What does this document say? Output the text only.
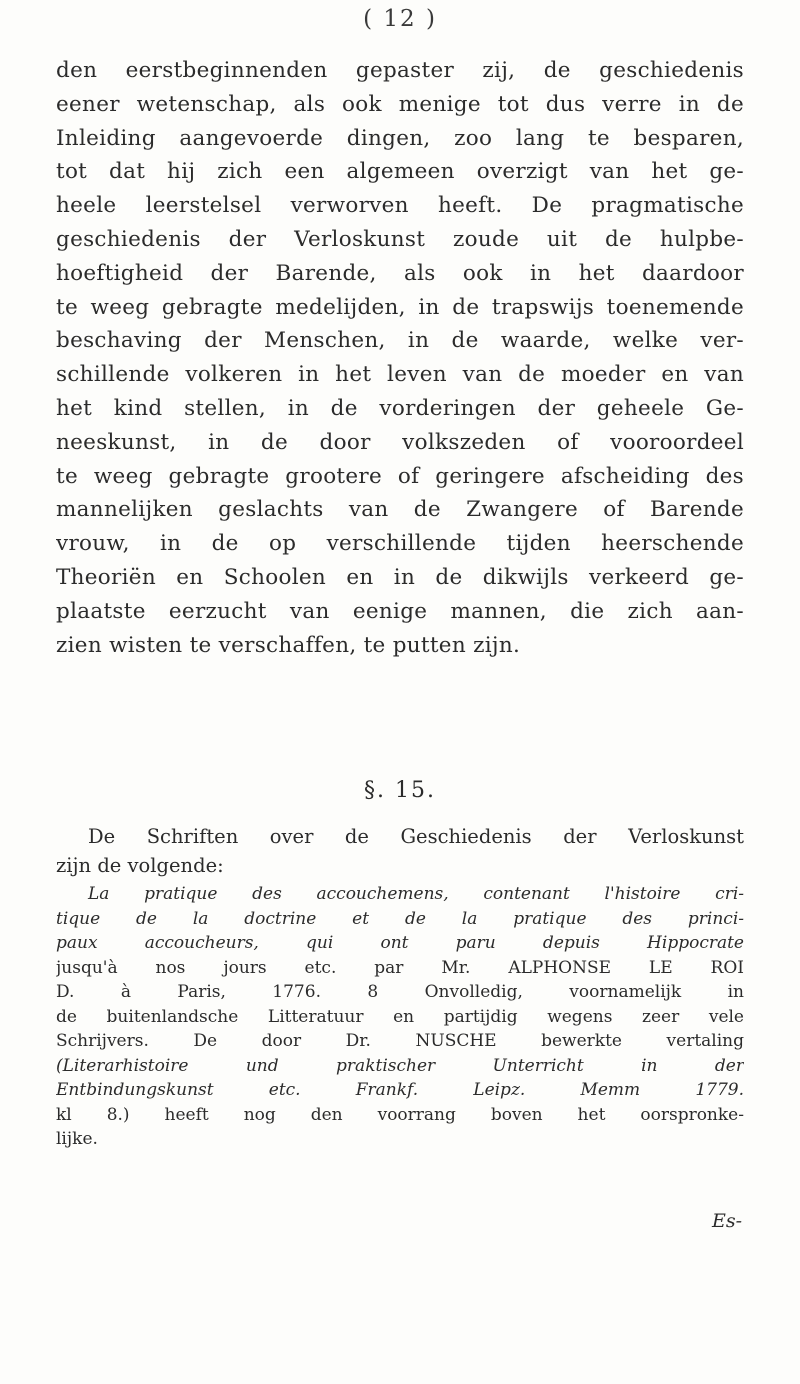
( 12 )
den eerstbeginnenden gepaster zij, de geschiedenis
eener wetenschap, als ook menige tot dus verre in de
Inleiding aangevoerde dingen, zoo lang te besparen,
tot dat hij zich een algemeen overzigt van het ge-
heele leerstelsel verworven heeft. De pragmatische
geschiedenis der Verloskunst zoude uit de hulpbe-
hoeftigheid der Barende, als ook in het daardoor
te weeg gebragte medelijden, in de trapswijs toenemende
beschaving der Menschen, in de waarde, welke ver-
schillende volkeren in het leven van de moeder en van
het kind stellen, in de vorderingen der geheele Ge-
neeskunst, in de door volkszeden of vooroordeel
te weeg gebragte grootere of geringere afscheiding des
mannelijken geslachts van de Zwangere of Barende
vrouw, in de op verschillende tijden heerschende
Theoriën en Schoolen en in de dikwijls verkeerd ge-
plaatste eerzucht van eenige mannen, die zich aan-
zien wisten te verschaffen, te putten zijn.
§. 15.
De Schriften over de Geschiedenis der Verloskunst
zijn de volgende:
La pratique des accouchemens, contenant l'histoire cri-
tique de la doctrine et de la pratique des princi-
paux accoucheurs, qui ont paru depuis Hippocrate
jusqu'à nos jours etc. par Mr. ALPHONSE LE ROI
D. à Paris, 1776. 8 Onvolledig, voornamelijk in
de buitenlandsche Litteratuur en partijdig wegens zeer vele
Schrijvers. De door Dr. NUSCHE bewerkte vertaling
(Literarhistoire und praktischer Unterricht in der
Entbindungskunst etc. Frankf. Leipz. Memm 1779.
kl 8.) heeft nog den voorrang boven het oorspronke-
lijke.
Es-
